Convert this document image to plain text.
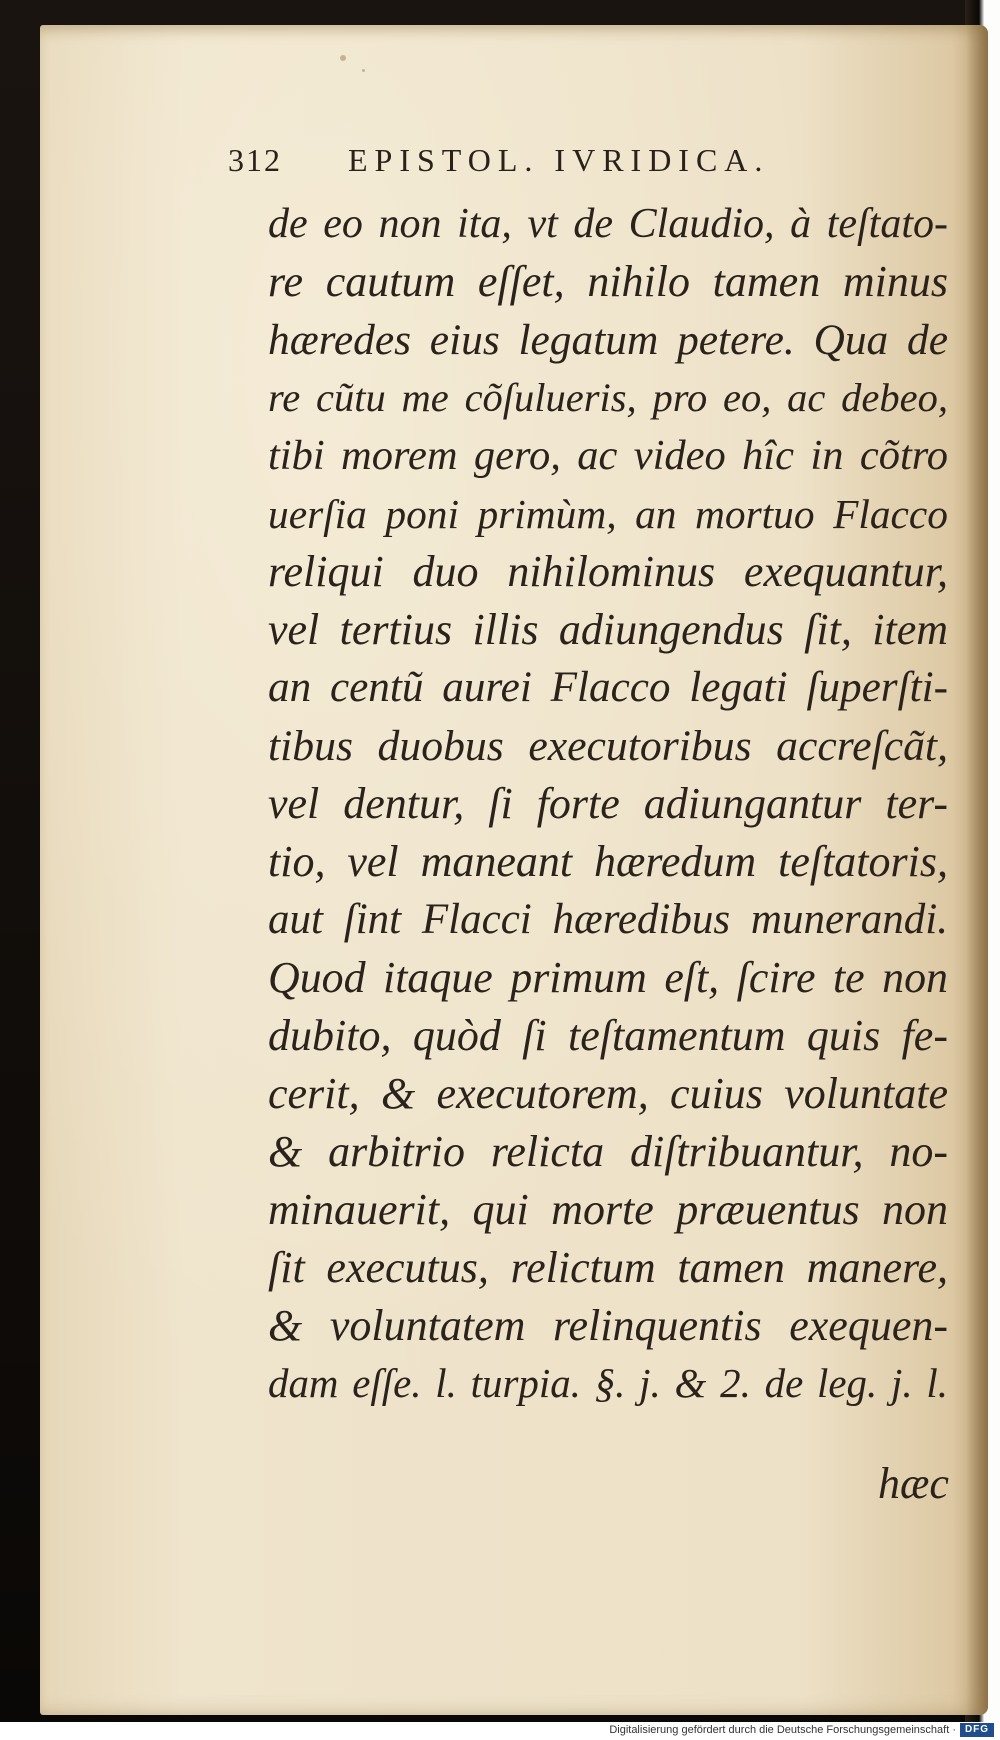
312 EPISTOL. IVRIDICA.
de eo non ita, vt de Claudio, à teſtato-
re cautum eſſet, nihilo tamen minus
hæredes eius legatum petere. Qua de
re cũtu me cõſulueris, pro eo, ac debeo,
tibi morem gero, ac video hîc in cõtro
uerſia poni primùm, an mortuo Flacco
reliqui duo nihilominus exequantur,
vel tertius illis adiungendus ſit, item
an centũ aurei Flacco legati ſuperſti-
tibus duobus executoribus accreſcãt,
vel dentur, ſi forte adiungantur ter-
tio, vel maneant hæredum teſtatoris,
aut ſint Flacci hæredibus munerandi.
Quod itaque primum eſt, ſcire te non
dubito, quòd ſi teſtamentum quis fe-
cerit, & executorem, cuius voluntate
& arbitrio relicta diſtribuantur, no-
minauerit, qui morte præuentus non
ſit executus, relictum tamen manere,
& voluntatem relinquentis exequen-
dam eſſe. l. turpia. §. j. & 2. de leg. j. l.
hæc
Digitalisierung gefördert durch die Deutsche Forschungsgemeinschaft · DFG
